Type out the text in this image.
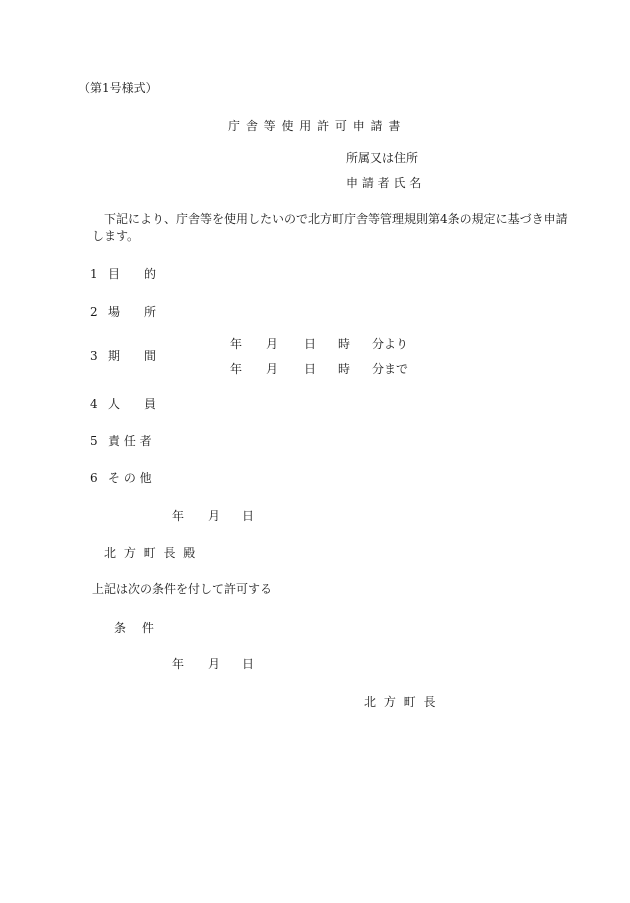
（第1号様式）
庁 舎 等 使 用 許 可 申 請 書
所属又は住所
申 請 者 氏 名
下記により、庁舎等を使用したいので北方町庁舎等管理規則第4条の規定に基づき申請
します。
1 目　　的
2 場　　所
3 期　　間
年 月 日 時 分より
年 月 日 時 分まで
4 人　　員
5 責 任 者
6 そ の 他
年 月 日
北 方 町 長 殿
上記は次の条件を付して許可する
条 件
年 月 日
北 方 町 長
